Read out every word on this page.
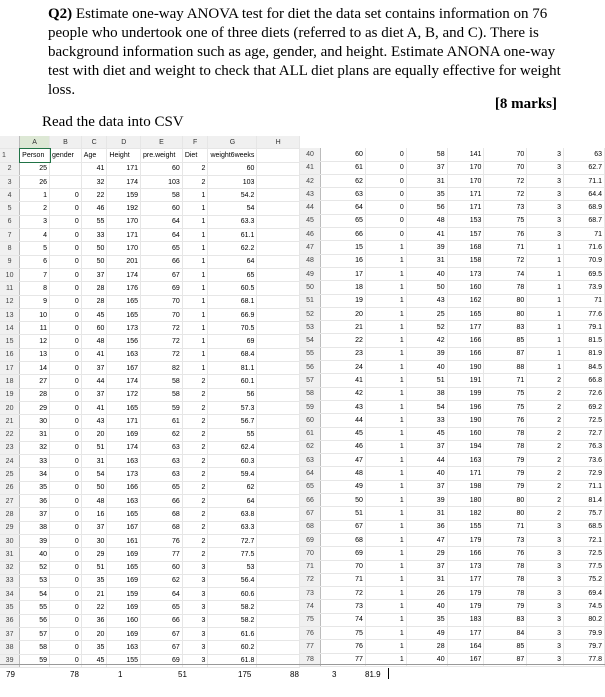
Q2) Estimate one-way ANOVA test for diet the data set contains information on 76 people who undertook one of three diets (referred to as diet A, B, and C). There is background information such as age, gender, and height. Estimate ANONA one-way test with diet and weight to check that ALL diet plans are equally effective for weight loss.
[8 marks]
Read the data into CSV
	A	B	C	D	E	F	G	H
1	Person	gender	Age	Height	pre.weight	Diet	weight6weeks	
2	25		41	171	60	2	60	
3	26		32	174	103	2	103	
4	1	0	22	159	58	1	54.2	
5	2	0	46	192	60	1	54	
6	3	0	55	170	64	1	63.3	
7	4	0	33	171	64	1	61.1	
8	5	0	50	170	65	1	62.2	
9	6	0	50	201	66	1	64	
10	7	0	37	174	67	1	65	
11	8	0	28	176	69	1	60.5	
12	9	0	28	165	70	1	68.1	
13	10	0	45	165	70	1	66.9	
14	11	0	60	173	72	1	70.5	
15	12	0	48	156	72	1	69	
16	13	0	41	163	72	1	68.4	
17	14	0	37	167	82	1	81.1	
18	27	0	44	174	58	2	60.1	
19	28	0	37	172	58	2	56	
20	29	0	41	165	59	2	57.3	
21	30	0	43	171	61	2	56.7	
22	31	0	20	169	62	2	55	
23	32	0	51	174	63	2	62.4	
24	33	0	31	163	63	2	60.3	
25	34	0	54	173	63	2	59.4	
26	35	0	50	166	65	2	62	
27	36	0	48	163	66	2	64	
28	37	0	16	165	68	2	63.8	
29	38	0	37	167	68	2	63.3	
30	39	0	30	161	76	2	72.7	
31	40	0	29	169	77	2	77.5	
32	52	0	51	165	60	3	53	
33	53	0	35	169	62	3	56.4	
34	54	0	21	159	64	3	60.6	
35	55	0	22	169	65	3	58.2	
36	56	0	36	160	66	3	58.2	
37	57	0	20	169	67	3	61.6	
38	58	0	35	163	67	3	60.2	
39	59	0	45	155	69	3	61.8	

40	60	0	58	141	70	3	63
41	61	0	37	170	70	3	62.7
42	62	0	31	170	72	3	71.1
43	63	0	35	171	72	3	64.4
44	64	0	56	171	73	3	68.9
45	65	0	48	153	75	3	68.7
46	66	0	41	157	76	3	71
47	15	1	39	168	71	1	71.6
48	16	1	31	158	72	1	70.9
49	17	1	40	173	74	1	69.5
50	18	1	50	160	78	1	73.9
51	19	1	43	162	80	1	71
52	20	1	25	165	80	1	77.6
53	21	1	52	177	83	1	79.1
54	22	1	42	166	85	1	81.5
55	23	1	39	166	87	1	81.9
56	24	1	40	190	88	1	84.5
57	41	1	51	191	71	2	66.8
58	42	1	38	199	75	2	72.6
59	43	1	54	196	75	2	69.2
60	44	1	33	190	76	2	72.5
61	45	1	45	160	78	2	72.7
62	46	1	37	194	78	2	76.3
63	47	1	44	163	79	2	73.6
64	48	1	40	171	79	2	72.9
65	49	1	37	198	79	2	71.1
66	50	1	39	180	80	2	81.4
67	51	1	31	182	80	2	75.7
68	67	1	36	155	71	3	68.5
69	68	1	47	179	73	3	72.1
70	69	1	29	166	76	3	72.5
71	70	1	37	173	78	3	77.5
72	71	1	31	177	78	3	75.2
73	72	1	26	179	78	3	69.4
74	73	1	40	179	79	3	74.5
75	74	1	35	183	83	3	80.2
76	75	1	49	177	84	3	79.9
77	76	1	28	164	85	3	79.7
78	77	1	40	167	87	3	77.8
79	78	1	51	175	88	3	81.9
